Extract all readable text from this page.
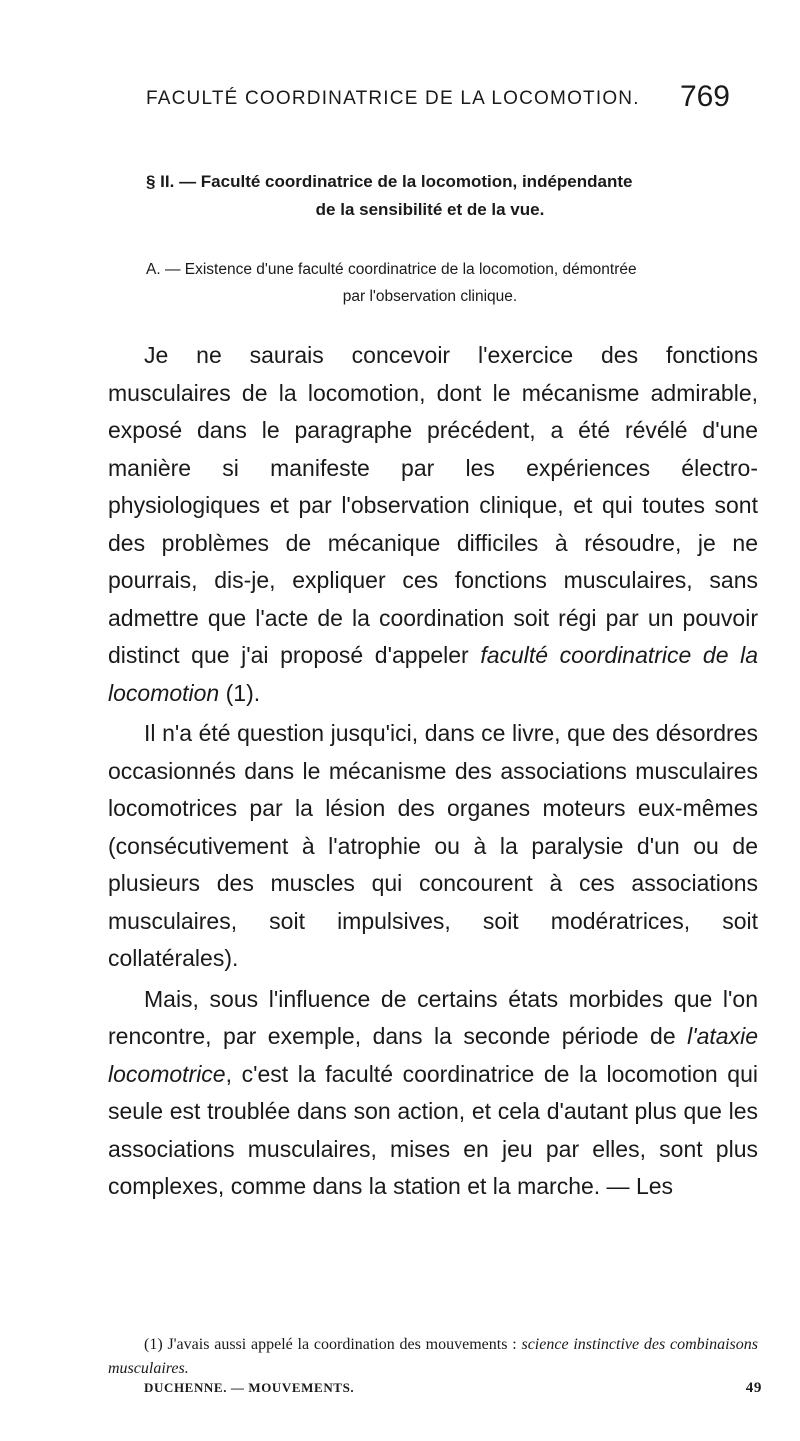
FACULTÉ COORDINATRICE DE LA LOCOMOTION. 769
§ II. — Faculté coordinatrice de la locomotion, indépendante
de la sensibilité et de la vue.
A. — Existence d'une faculté coordinatrice de la locomotion, démontrée
par l'observation clinique.

Je ne saurais concevoir l'exercice des fonctions musculaires de la locomotion, dont le mécanisme admirable, exposé dans le paragraphe précédent, a été révélé d'une manière si manifeste par les expériences électro-physiologiques et par l'observation clinique, et qui toutes sont des problèmes de mécanique difficiles à résoudre, je ne pourrais, dis-je, expliquer ces fonctions musculaires, sans admettre que l'acte de la coordination soit régi par un pouvoir distinct que j'ai proposé d'appeler faculté coordinatrice de la locomotion (1).

Il n'a été question jusqu'ici, dans ce livre, que des désordres occasionnés dans le mécanisme des associations musculaires locomotrices par la lésion des organes moteurs eux-mêmes (consécutivement à l'atrophie ou à la paralysie d'un ou de plusieurs des muscles qui concourent à ces associations musculaires, soit impulsives, soit modératrices, soit collatérales).

Mais, sous l'influence de certains états morbides que l'on rencontre, par exemple, dans la seconde période de l'ataxie locomotrice, c'est la faculté coordinatrice de la locomotion qui seule est troublée dans son action, et cela d'autant plus que les associations musculaires, mises en jeu par elles, sont plus complexes, comme dans la station et la marche. — Les

(1) J'avais aussi appelé la coordination des mouvements : science instinctive des combinaisons musculaires.
DUCHENNE. — MOUVEMENTS.	49
